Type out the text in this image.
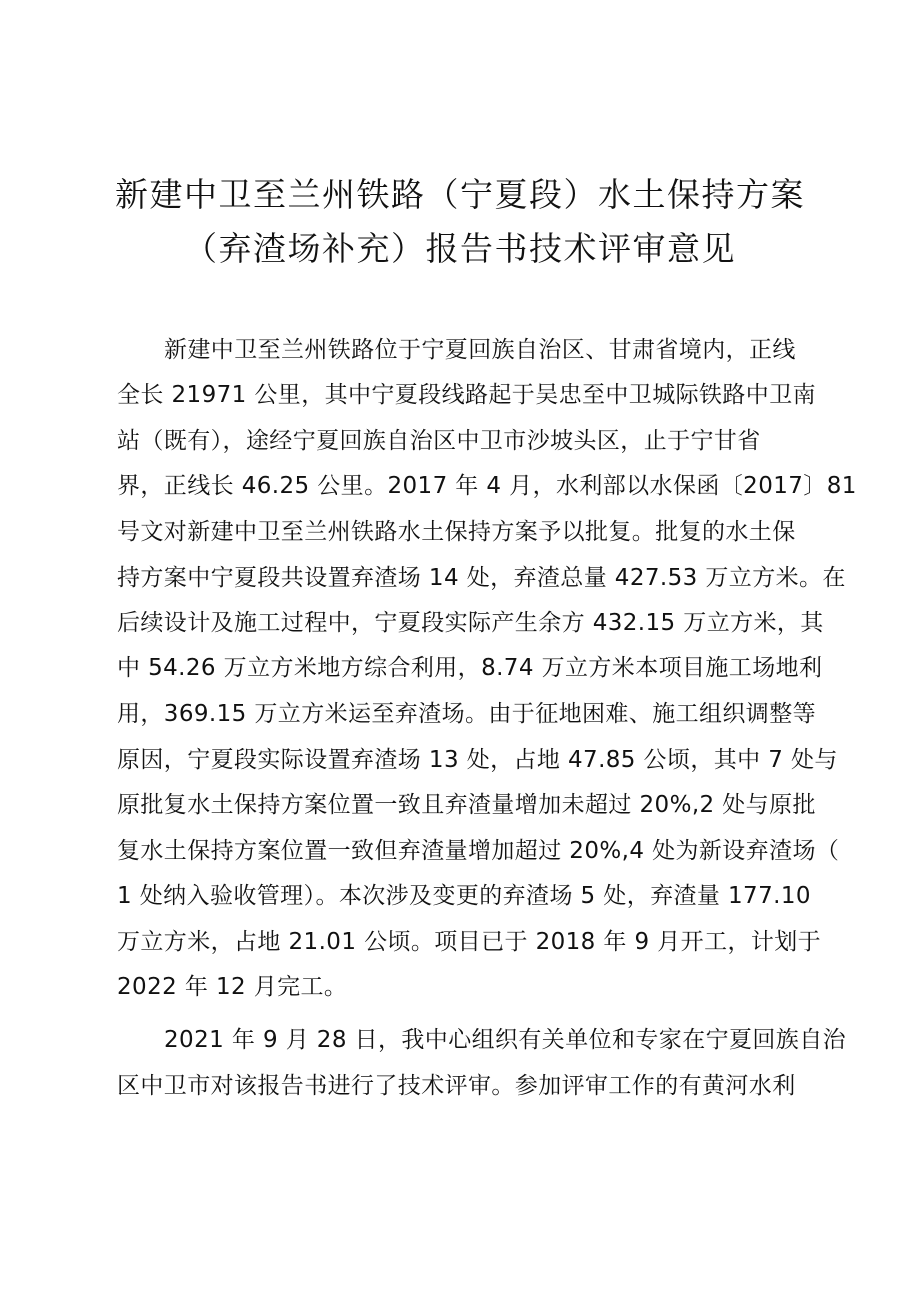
新建中卫至兰州铁路（宁夏段）水土保持方案
（弃渣场补充）报告书技术评审意见
新建中卫至兰州铁路位于宁夏回族自治区、甘肃省境内，正线
全长 21971 公里，其中宁夏段线路起于吴忠至中卫城际铁路中卫南
站（既有），途经宁夏回族自治区中卫市沙坡头区，止于宁甘省
界，正线长 46.25 公里。2017 年 4 月，水利部以水保函〔2017〕81
号文对新建中卫至兰州铁路水土保持方案予以批复。批复的水土保
持方案中宁夏段共设置弃渣场 14 处，弃渣总量 427.53 万立方米。在
后续设计及施工过程中，宁夏段实际产生余方 432.15 万立方米，其
中 54.26 万立方米地方综合利用，8.74 万立方米本项目施工场地利
用，369.15 万立方米运至弃渣场。由于征地困难、施工组织调整等
原因，宁夏段实际设置弃渣场 13 处，占地 47.85 公顷，其中 7 处与
原批复水土保持方案位置一致且弃渣量增加未超过 20%,2 处与原批
复水土保持方案位置一致但弃渣量增加超过 20%,4 处为新设弃渣场（
1 处纳入验收管理）。本次涉及变更的弃渣场 5 处，弃渣量 177.10
万立方米，占地 21.01 公顷。项目已于 2018 年 9 月开工，计划于
2022 年 12 月完工。
2021 年 9 月 28 日，我中心组织有关单位和专家在宁夏回族自治
区中卫市对该报告书进行了技术评审。参加评审工作的有黄河水利
